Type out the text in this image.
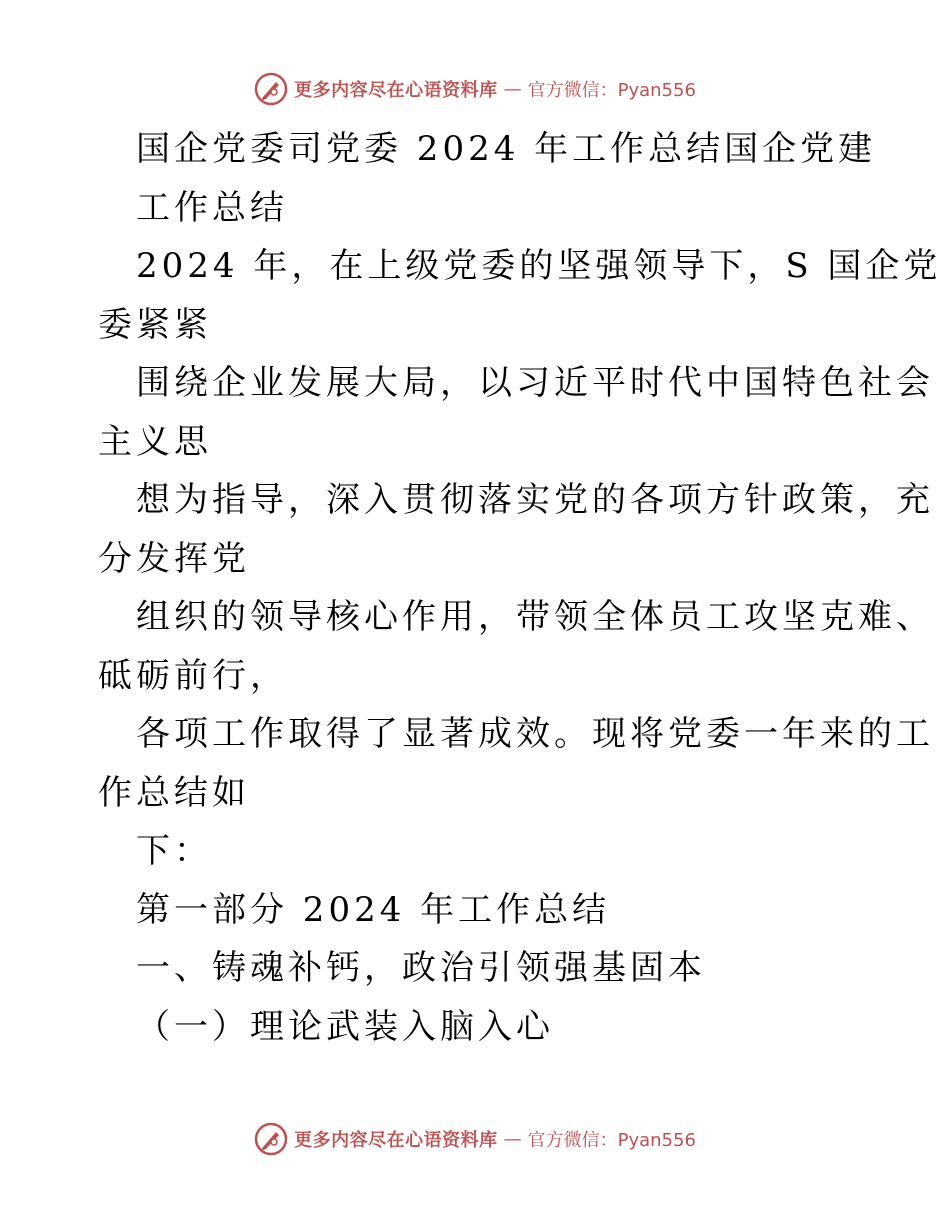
更多内容尽在心语资料库 — 官方微信：Pyan556
国企党委司党委 2024 年工作总结国企党建
工作总结
2024 年，在上级党委的坚强领导下，S 国企党
委紧紧
围绕企业发展大局，以习近平时代中国特色社会
主义思
想为指导，深入贯彻落实党的各项方针政策，充
分发挥党
组织的领导核心作用，带领全体员工攻坚克难、
砥砺前行，
各项工作取得了显著成效。现将党委一年来的工
作总结如
下：
第一部分 2024 年工作总结
一、铸魂补钙，政治引领强基固本
（一）理论武装入脑入心
更多内容尽在心语资料库 — 官方微信：Pyan556
